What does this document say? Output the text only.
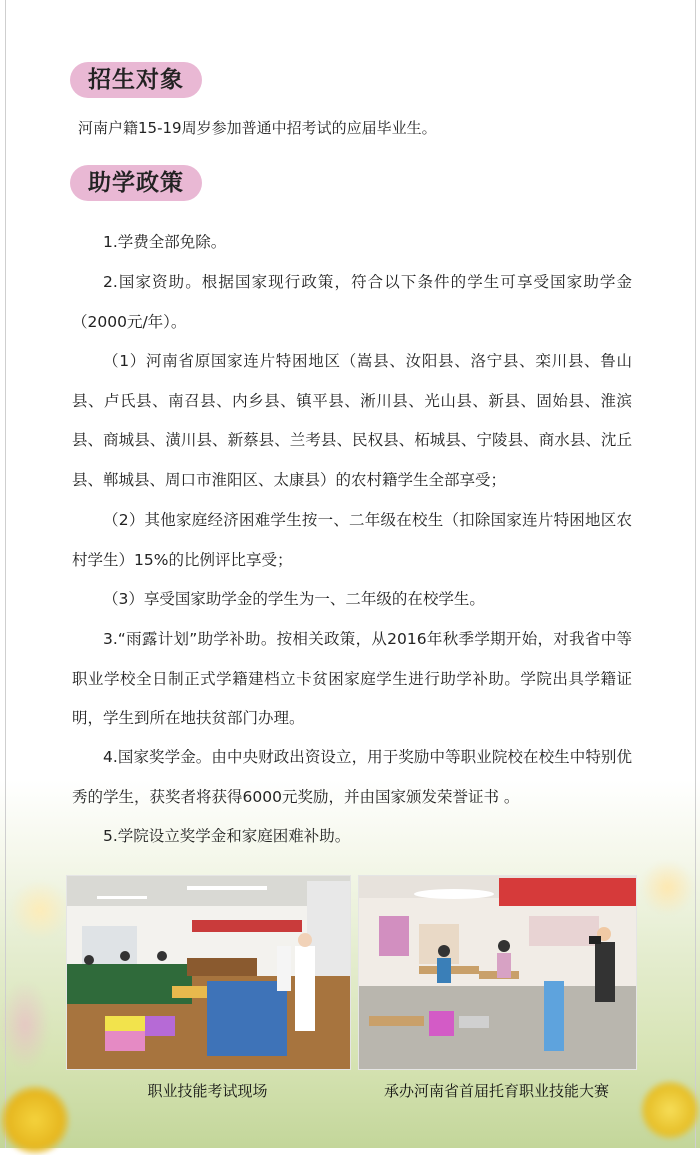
招生对象
河南户籍15-19周岁参加普通中招考试的应届毕业生。
助学政策
1.学费全部免除。
2.国家资助。根据国家现行政策，符合以下条件的学生可享受国家助学金（2000元/年）。
（1）河南省原国家连片特困地区（嵩县、汝阳县、洛宁县、栾川县、鲁山县、卢氏县、南召县、内乡县、镇平县、淅川县、光山县、新县、固始县、淮滨县、商城县、潢川县、新蔡县、兰考县、民权县、柘城县、宁陵县、商水县、沈丘县、郸城县、周口市淮阳区、太康县）的农村籍学生全部享受；
（2）其他家庭经济困难学生按一、二年级在校生（扣除国家连片特困地区农村学生）15%的比例评比享受；
（3）享受国家助学金的学生为一、二年级的在校学生。
3.“雨露计划”助学补助。按相关政策，从2016年秋季学期开始，对我省中等职业学校全日制正式学籍建档立卡贫困家庭学生进行助学补助。学院出具学籍证明，学生到所在地扶贫部门办理。
4.国家奖学金。由中央财政出资设立，用于奖励中等职业院校在校生中特别优秀的学生，获奖者将获得6000元奖励，并由国家颁发荣誉证书 。
5.学院设立奖学金和家庭困难补助。
职业技能考试现场	承办河南省首届托育职业技能大赛
